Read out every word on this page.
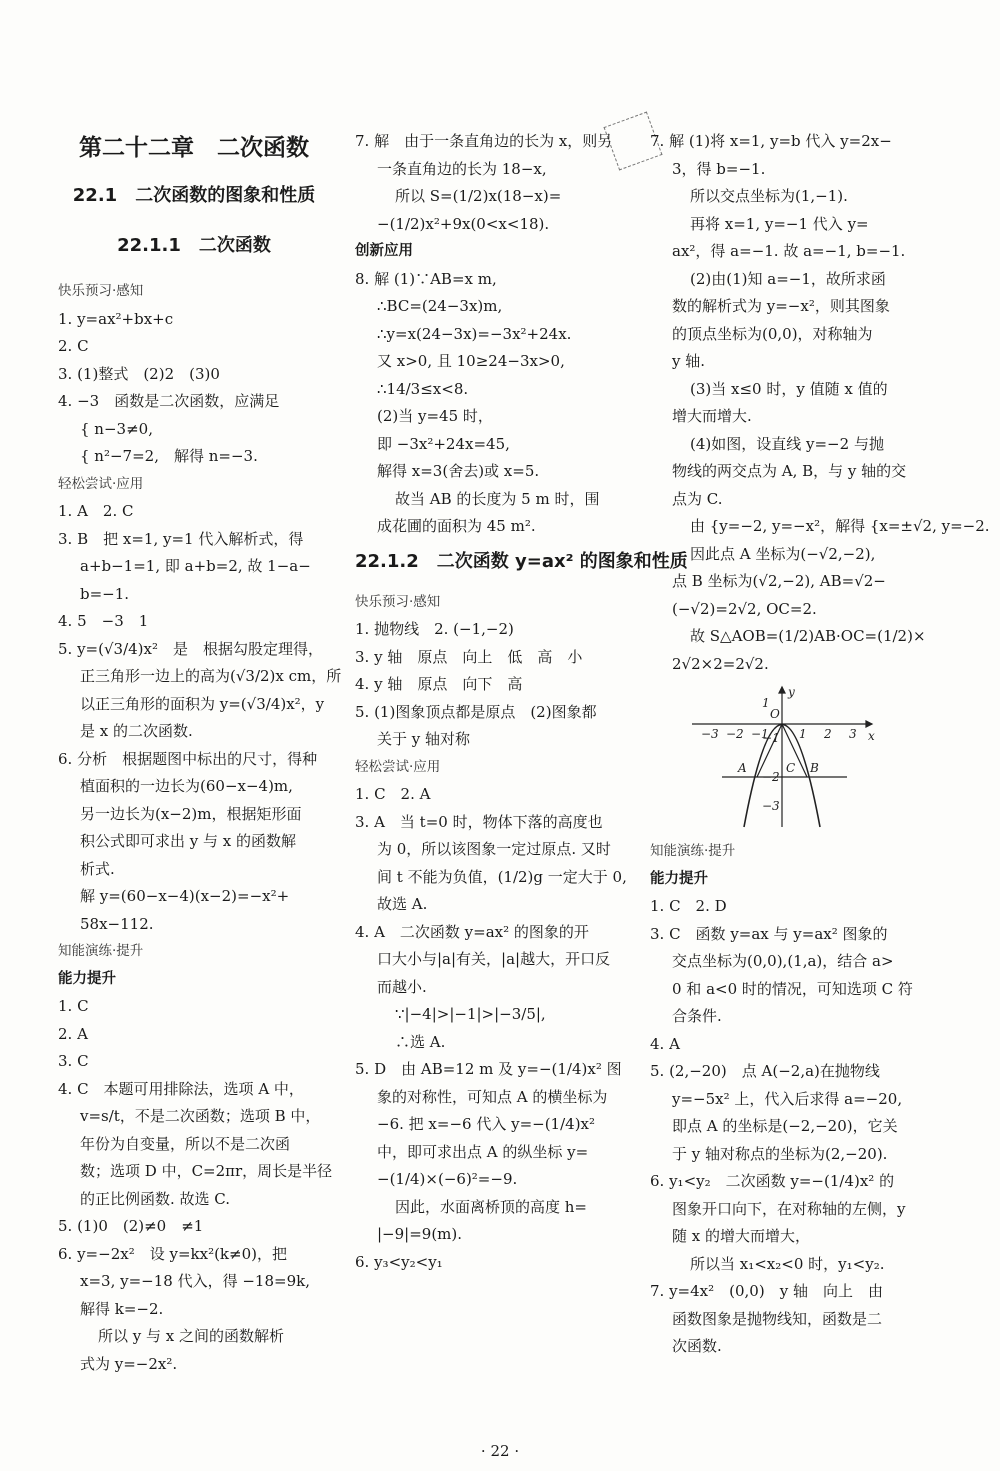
第二十二章　二次函数
22.1　二次函数的图象和性质
22.1.1　二次函数
快乐预习·感知
1. y=ax²+bx+c
2. C
3. (1)整式　(2)2　(3)0
4. −3　函数是二次函数，应满足
{ n−3≠0,
{ n²−7=2,　解得 n=−3.
轻松尝试·应用
1. A　2. C
3. B　把 x=1, y=1 代入解析式，得
a+b−1=1, 即 a+b=2, 故 1−a−
b=−1.
4. 5　−3　1
5. y=(√3/4)x²　是　根据勾股定理得，
正三角形一边上的高为(√3/2)x cm，所
以正三角形的面积为 y=(√3/4)x²，y
是 x 的二次函数.
6. 分析　根据题图中标出的尺寸，得种
植面积的一边长为(60−x−4)m,
另一边长为(x−2)m，根据矩形面
积公式即可求出 y 与 x 的函数解
析式.
解 y=(60−x−4)(x−2)=−x²+
58x−112.
知能演练·提升
能力提升
1. C
2. A
3. C
4. C　本题可用排除法，选项 A 中，
v=s/t，不是二次函数；选项 B 中，
年份为自变量，所以不是二次函
数；选项 D 中，C=2πr，周长是半径
的正比例函数. 故选 C.
5. (1)0　(2)≠0　≠1
6. y=−2x²　设 y=kx²(k≠0)，把
x=3, y=−18 代入，得 −18=9k,
解得 k=−2.
所以 y 与 x 之间的函数解析
式为 y=−2x².
7. 解　由于一条直角边的长为 x，则另
一条直角边的长为 18−x,
所以 S=(1/2)x(18−x)=
−(1/2)x²+9x(0<x<18).
创新应用
8. 解 (1)∵AB=x m,
∴BC=(24−3x)m,
∴y=x(24−3x)=−3x²+24x.
又 x>0, 且 10≥24−3x>0,
∴14/3≤x<8.
(2)当 y=45 时，
即 −3x²+24x=45,
解得 x=3(舍去)或 x=5.
故当 AB 的长度为 5 m 时，围
成花圃的面积为 45 m².
22.1.2　二次函数 y=ax² 的图象和性质
快乐预习·感知
1. 抛物线　2. (−1,−2)
3. y 轴　原点　向上　低　高　小
4. y 轴　原点　向下　高
5. (1)图象顶点都是原点　(2)图象都
关于 y 轴对称
轻松尝试·应用
1. C　2. A
3. A　当 t=0 时，物体下落的高度也
为 0，所以该图象一定过原点. 又时
间 t 不能为负值，(1/2)g 一定大于 0,
故选 A.
4. A　二次函数 y=ax² 的图象的开
口大小与|a|有关，|a|越大，开口反
而越小.
∵|−4|>|−1|>|−3/5|,
∴选 A.
5. D　由 AB=12 m 及 y=−(1/4)x² 图
象的对称性，可知点 A 的横坐标为
−6. 把 x=−6 代入 y=−(1/4)x²
中，即可求出点 A 的纵坐标 y=
−(1/4)×(−6)²=−9.
因此，水面离桥顶的高度 h=
|−9|=9(m).
6. y₃<y₂<y₁
7. 解 (1)将 x=1, y=b 代入 y=2x−
3，得 b=−1.
所以交点坐标为(1,−1).
再将 x=1, y=−1 代入 y=
ax²，得 a=−1. 故 a=−1, b=−1.
(2)由(1)知 a=−1，故所求函
数的解析式为 y=−x²，则其图象
的顶点坐标为(0,0)，对称轴为
y 轴.
(3)当 x≤0 时，y 值随 x 值的
增大而增大.
(4)如图，设直线 y=−2 与抛
物线的两交点为 A, B，与 y 轴的交
点为 C.
由 {y=−2, y=−x²，解得 {x=±√2, y=−2.
因此点 A 坐标为(−√2,−2),
点 B 坐标为(√2,−2), AB=√2−
(−√2)=2√2, OC=2.
故 S△AOB=(1/2)AB·OC=(1/2)×
2√2×2=2√2.
−3 −2 −1	1 2 3
1
−1
−2
−3
x
y
O
A	C B
知能演练·提升
能力提升
1. C　2. D
3. C　函数 y=ax 与 y=ax² 图象的
交点坐标为(0,0),(1,a)，结合 a>
0 和 a<0 时的情况，可知选项 C 符
合条件.
4. A
5. (2,−20)　点 A(−2,a)在抛物线
y=−5x² 上，代入后求得 a=−20,
即点 A 的坐标是(−2,−20)，它关
于 y 轴对称点的坐标为(2,−20).
6. y₁<y₂　二次函数 y=−(1/4)x² 的
图象开口向下，在对称轴的左侧，y
随 x 的增大而增大，
所以当 x₁<x₂<0 时，y₁<y₂.
7. y=4x²　(0,0)　y 轴　向上　由
函数图象是抛物线知，函数是二
次函数.
· 22 ·
